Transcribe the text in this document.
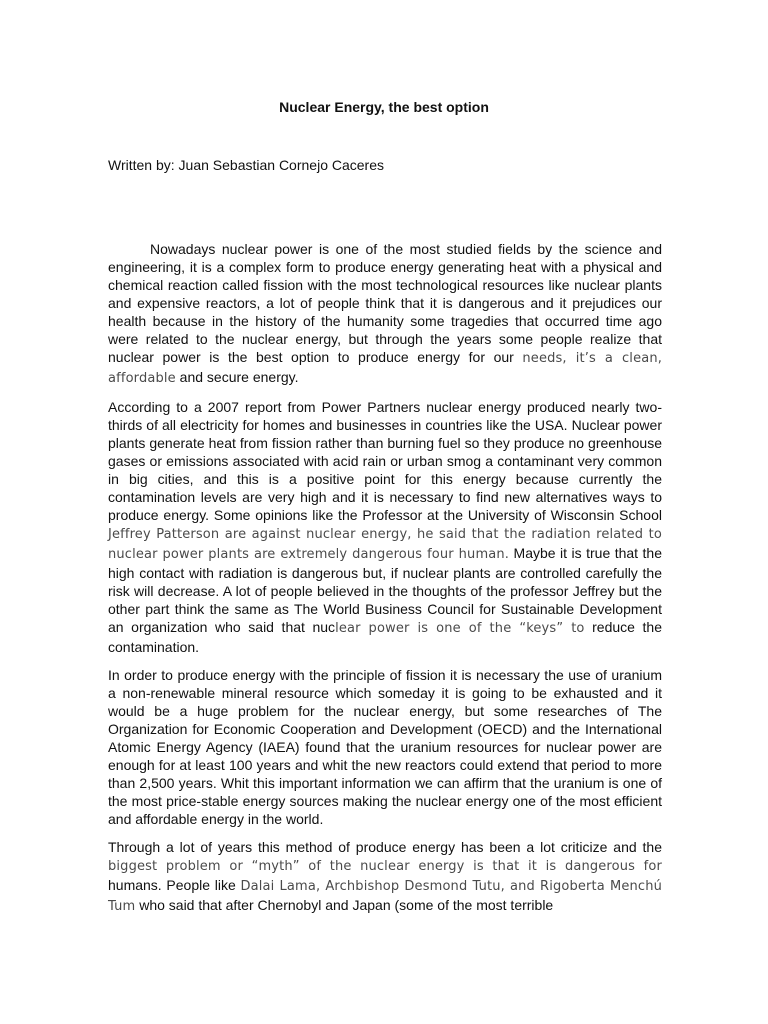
Nuclear Energy, the best option
Written by: Juan Sebastian Cornejo Caceres

Nowadays nuclear power is one of the most studied fields by the science and engineering, it is a complex form to produce energy generating heat with a physical and chemical reaction called fission with the most technological resources like nuclear plants and expensive reactors, a lot of people think that it is dangerous and it prejudices our health because in the history of the humanity some tragedies that occurred time ago were related to the nuclear energy, but through the years some people realize that nuclear power is the best option to produce energy for our needs, it’s a clean, affordable and secure energy.

According to a 2007 report from Power Partners nuclear energy produced nearly two-thirds of all electricity for homes and businesses in countries like the USA. Nuclear power plants generate heat from fission rather than burning fuel so they produce no greenhouse gases or emissions associated with acid rain or urban smog a contaminant very common in big cities, and this is a positive point for this energy because currently the contamination levels are very high and it is necessary to find new alternatives ways to produce energy. Some opinions like the Professor at the University of Wisconsin School Jeffrey Patterson are against nuclear energy, he said that the radiation related to nuclear power plants are extremely dangerous four human. Maybe it is true that the high contact with radiation is dangerous but, if nuclear plants are controlled carefully the risk will decrease. A lot of people believed in the thoughts of the professor Jeffrey but the other part think the same as The World Business Council for Sustainable Development an organization who said that nuclear power is one of the “keys” to reduce the contamination.

In order to produce energy with the principle of fission it is necessary the use of uranium a non-renewable mineral resource which someday it is going to be exhausted and it would be a huge problem for the nuclear energy, but some researches of The Organization for Economic Cooperation and Development (OECD) and the International Atomic Energy Agency (IAEA) found that the uranium resources for nuclear power are enough for at least 100 years and whit the new reactors could extend that period to more than 2,500 years. Whit this important information we can affirm that the uranium is one of the most price-stable energy sources making the nuclear energy one of the most efficient and affordable energy in the world.

Through a lot of years this method of produce energy has been a lot criticize and the biggest problem or “myth” of the nuclear energy is that it is dangerous for humans. People like Dalai Lama, Archbishop Desmond Tutu, and Rigoberta Menchú Tum who said that after Chernobyl and Japan (some of the most terrible
